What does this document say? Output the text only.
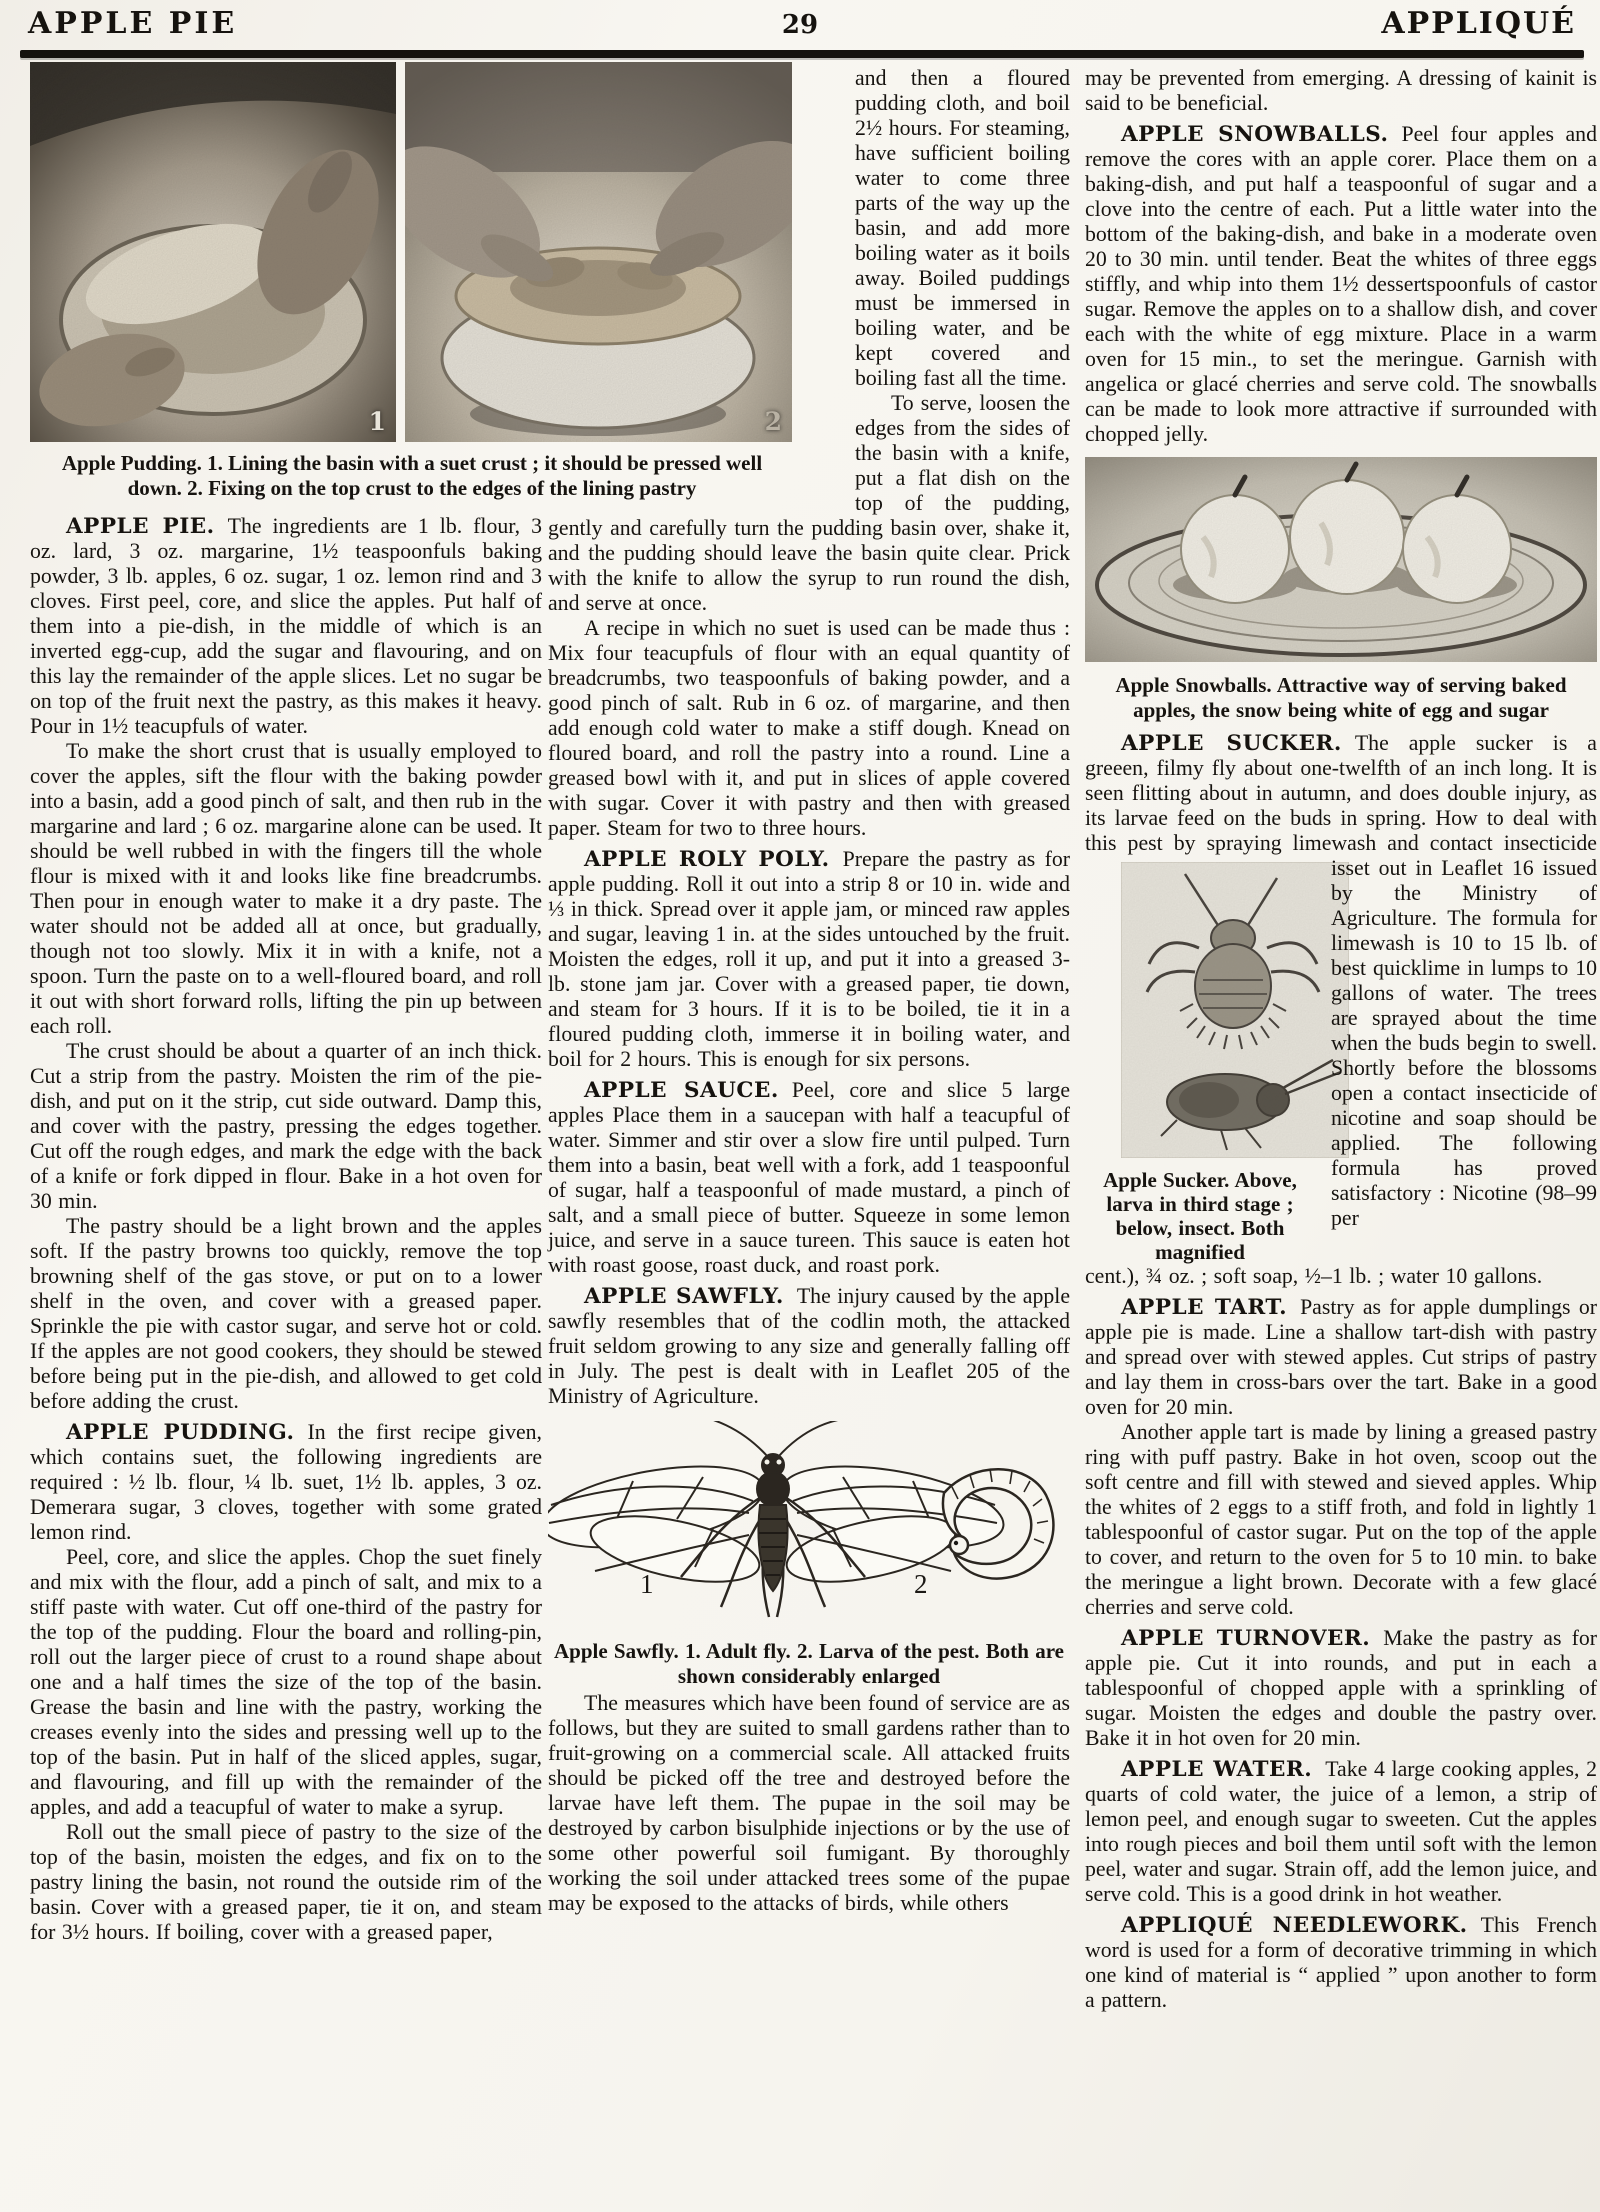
APPLE PIE	29	APPLIQUÉ
1	2
Apple Pudding. 1. Lining the basin with a suet crust ; it should be pressed well down. 2. Fixing on the top crust to the edges of the lining pastry

APPLE PIE. The ingredients are 1 lb. flour, 3 oz. lard, 3 oz. margarine, 1½ teaspoonfuls baking powder, 3 lb. apples, 6 oz. sugar, 1 oz. lemon rind and 3 cloves. First peel, core, and slice the apples. Put half of them into a pie-dish, in the middle of which is an inverted egg-cup, add the sugar and flavouring, and on this lay the remainder of the apple slices. Let no sugar be on top of the fruit next the pastry, as this makes it heavy. Pour in 1½ teacupfuls of water.

To make the short crust that is usually employed to cover the apples, sift the flour with the baking powder into a basin, add a good pinch of salt, and then rub in the margarine and lard ; 6 oz. margarine alone can be used. It should be well rubbed in with the fingers till the whole flour is mixed with it and looks like fine breadcrumbs. Then pour in enough water to make it a dry paste. The water should not be added all at once, but gradually, though not too slowly. Mix it in with a knife, not a spoon. Turn the paste on to a well-floured board, and roll it out with short forward rolls, lifting the pin up between each roll.

The crust should be about a quarter of an inch thick. Cut a strip from the pastry. Moisten the rim of the pie-dish, and put on it the strip, cut side outward. Damp this, and cover with the pastry, pressing the edges together. Cut off the rough edges, and mark the edge with the back of a knife or fork dipped in flour. Bake in a hot oven for 30 min.

The pastry should be a light brown and the apples soft. If the pastry browns too quickly, remove the top browning shelf of the gas stove, or put on to a lower shelf in the oven, and cover with a greased paper. Sprinkle the pie with castor sugar, and serve hot or cold. If the apples are not good cookers, they should be stewed before being put in the pie-dish, and allowed to get cold before adding the crust.

APPLE PUDDING. In the first recipe given, which contains suet, the following ingredients are required : ½ lb. flour, ¼ lb. suet, 1½ lb. apples, 3 oz. Demerara sugar, 3 cloves, together with some grated lemon rind.

Peel, core, and slice the apples. Chop the suet finely and mix with the flour, add a pinch of salt, and mix to a stiff paste with water. Cut off one-third of the pastry for the top of the pudding. Flour the board and rolling-pin, roll out the larger piece of crust to a round shape about one and a half times the size of the top of the basin. Grease the basin and line with the pastry, working the creases evenly into the sides and pressing well up to the top of the basin. Put in half of the sliced apples, sugar, and flavouring, and fill up with the remainder of the apples, and add a teacupful of water to make a syrup.

Roll out the small piece of pastry to the size of the top of the basin, moisten the edges, and fix on to the pastry lining the basin, not round the outside rim of the basin. Cover with a greased paper, tie it on, and steam for 3½ hours. If boiling, cover with a greased paper,

and then a floured pudding cloth, and boil 2½ hours. For steaming, have sufficient boiling water to come three parts of the way up the basin, and add more boiling water as it boils away. Boiled puddings must be immersed in boiling water, and be kept covered and boiling fast all the time.

To serve, loosen the edges from the sides of the basin with a knife, put a flat dish on the top of the pudding, gently and carefully turn the pudding basin over, shake it, and the pudding should leave the basin quite clear. Prick with the knife to allow the syrup to run round the dish, and serve at once.

A recipe in which no suet is used can be made thus : Mix four teacupfuls of flour with an equal quantity of breadcrumbs, two teaspoonfuls of baking powder, and a good pinch of salt. Rub in 6 oz. of margarine, and then add enough cold water to make a stiff dough. Knead on floured board, and roll the pastry into a round. Line a greased bowl with it, and put in slices of apple covered with sugar. Cover it with pastry and then with greased paper. Steam for two to three hours.

APPLE ROLY POLY. Prepare the pastry as for apple pudding. Roll it out into a strip 8 or 10 in. wide and ⅓ in thick. Spread over it apple jam, or minced raw apples and sugar, leaving 1 in. at the sides untouched by the fruit. Moisten the edges, roll it up, and put it into a greased 3-lb. stone jam jar. Cover with a greased paper, tie down, and steam for 3 hours. If it is to be boiled, tie it in a floured pudding cloth, immerse it in boiling water, and boil for 2 hours. This is enough for six persons.

APPLE SAUCE. Peel, core and slice 5 large apples Place them in a saucepan with half a teacupful of water. Simmer and stir over a slow fire until pulped. Turn them into a basin, beat well with a fork, add 1 teaspoonful of sugar, half a teaspoonful of made mustard, a pinch of salt, and a small piece of butter. Squeeze in some lemon juice, and serve in a sauce tureen. This sauce is eaten hot with roast goose, roast duck, and roast pork.

APPLE SAWFLY. The injury caused by the apple sawfly resembles that of the codlin moth, the attacked fruit seldom growing to any size and generally falling off in July. The pest is dealt with in Leaflet 205 of the Ministry of Agriculture.

1	2
Apple Sawfly. 1. Adult fly. 2. Larva of the pest. Both are shown considerably enlarged

The measures which have been found of service are as follows, but they are suited to small gardens rather than to fruit-growing on a commercial scale. All attacked fruits should be picked off the tree and destroyed before the larvae have left them. The pupae in the soil may be destroyed by carbon bisulphide injections or by the use of some other powerful soil fumigant. By thoroughly working the soil under attacked trees some of the pupae may be exposed to the attacks of birds, while others

may be prevented from emerging. A dressing of kainit is said to be beneficial.

APPLE SNOWBALLS. Peel four apples and remove the cores with an apple corer. Place them on a baking-dish, and put half a teaspoonful of sugar and a clove into the centre of each. Put a little water into the bottom of the baking-dish, and bake in a moderate oven 20 to 30 min. until tender. Beat the whites of three eggs stiffly, and whip into them 1½ dessertspoonfuls of castor sugar. Remove the apples on to a shallow dish, and cover each with the white of egg mixture. Place in a warm oven for 15 min., to set the meringue. Garnish with angelica or glacé cherries and serve cold. The snowballs can be made to look more attractive if surrounded with chopped jelly.

Apple Snowballs. Attractive way of serving baked apples, the snow being white of egg and sugar

APPLE SUCKER. The apple sucker is a greeen, filmy fly about one-twelfth of an inch long. It is seen flitting about in autumn, and does double injury, as its larvae feed on the buds in spring. How to deal with this pest by spraying limewash and contact insecticide is
Apple Sucker. Above, larva in third stage ; below, insect. Both magnified
set out in Leaflet 16 issued by the Ministry of Agriculture. The formula for limewash is 10 to 15 lb. of best quicklime in lumps to 10 gallons of water. The trees are sprayed about the time when the buds begin to swell. Shortly before the blossoms open a contact insecticide of nicotine and soap should be applied. The following formula has proved satisfactory : Nicotine (98–99 per

cent.), ¾ oz. ; soft soap, ½–1 lb. ; water 10 gallons.

APPLE TART. Pastry as for apple dumplings or apple pie is made. Line a shallow tart-dish with pastry and spread over with stewed apples. Cut strips of pastry and lay them in cross-bars over the tart. Bake in a good oven for 20 min.

Another apple tart is made by lining a greased pastry ring with puff pastry. Bake in hot oven, scoop out the soft centre and fill with stewed and sieved apples. Whip the whites of 2 eggs to a stiff froth, and fold in lightly 1 tablespoonful of castor sugar. Put on the top of the apple to cover, and return to the oven for 5 to 10 min. to bake the meringue a light brown. Decorate with a few glacé cherries and serve cold.

APPLE TURNOVER. Make the pastry as for apple pie. Cut it into rounds, and put in each a tablespoonful of chopped apple with a sprinkling of sugar. Moisten the edges and double the pastry over. Bake it in hot oven for 20 min.

APPLE WATER. Take 4 large cooking apples, 2 quarts of cold water, the juice of a lemon, a strip of lemon peel, and enough sugar to sweeten. Cut the apples into rough pieces and boil them until soft with the lemon peel, water and sugar. Strain off, add the lemon juice, and serve cold. This is a good drink in hot weather.

APPLIQUÉ NEEDLEWORK. This French word is used for a form of decorative trimming in which one kind of material is “ applied ” upon another to form a pattern.
